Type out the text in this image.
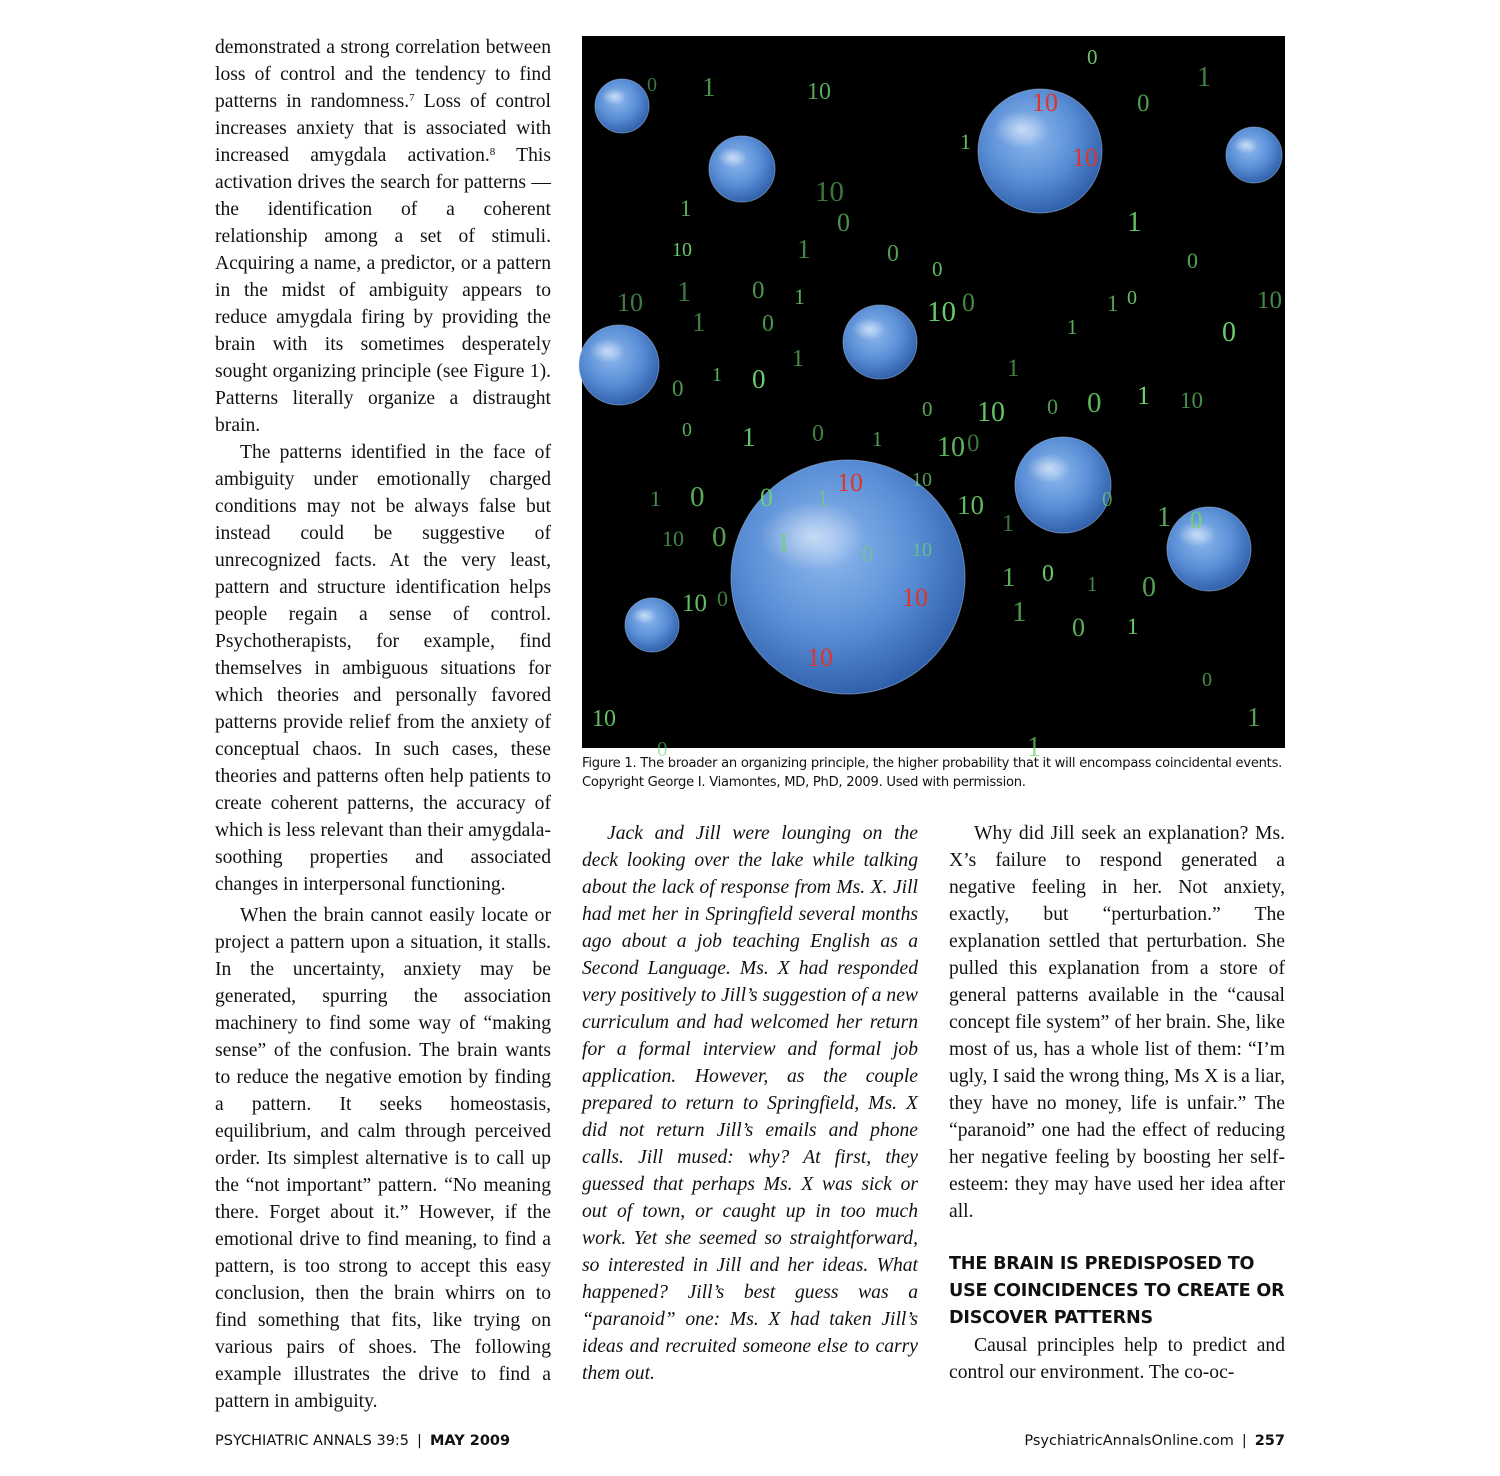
demonstrated a strong correlation between loss of control and the tendency to find patterns in randomness.$^7$ Loss of control increases anxiety that is associated with increased amygdala activation.$^8$ This activation drives the search for patterns — the identification of a coherent relationship among a set of stimuli. Acquiring a name, a predictor, or a pattern in the midst of ambiguity appears to reduce amygdala firing by providing the brain with its sometimes desperately sought organizing principle (see Figure 1). Patterns literally organize a distraught brain.

The patterns identified in the face of ambiguity under emotionally charged conditions may not be always false but instead could be suggestive of unrecognized facts. At the very least, pattern and structure identification helps people regain a sense of control. Psychotherapists, for example, find themselves in ambiguous situations for which theories and personally favored patterns provide relief from the anxiety of conceptual chaos. In such cases, these theories and patterns often help patients to create coherent patterns, the accuracy of which is less relevant than their amygdala-soothing properties and associated changes in interpersonal functioning.

When the brain cannot easily locate or project a pattern upon a situation, it stalls. In the uncertainty, anxiety may be generated, spurring the association machinery to find some way of “making sense” of the confusion. The brain wants to reduce the negative emotion by finding a pattern. It seeks homeostasis, equilibrium, and calm through perceived order. Its simplest alternative is to call up the “not important” pattern. “No meaning there. Forget about it.” However, if the emotional drive to find meaning, to find a pattern, is too strong to accept this easy conclusion, then the brain whirrs on to find something that fits, like trying on various pairs of shoes. The following example illustrates the drive to find a pattern in ambiguity.

0 1	10
0
1
0
1
10
0
1
10	1	0
0
1 0 1	10 0	1 0
1 0	1	0
10
0
1
10
0
1 0
1
0 10
1
0 0 1 10
0 1 0 1 10 0
1 0 0 1
10
10
1
0
1 0
10 0 1	0 10
1 0 1 0
10 0	1 0 1
0
1
10
0	1
10
10
10
10
10
Figure 1. The broader an organizing principle, the higher probability that it will encompass coincidental events. Copyright George I. Viamontes, MD, PhD, 2009. Used with permission.

Jack and Jill were lounging on the deck looking over the lake while talking about the lack of response from Ms. X. Jill had met her in Springfield several months ago about a job teaching English as a Second Language. Ms. X had responded very positively to Jill’s suggestion of a new curriculum and had welcomed her return for a formal interview and formal job application. However, as the couple prepared to return to Springfield, Ms. X did not return Jill’s emails and phone calls. Jill mused: why? At first, they guessed that perhaps Ms. X was sick or out of town, or caught up in too much work. Yet she seemed so straightforward, so interested in Jill and her ideas. What happened? Jill’s best guess was a “paranoid” one: Ms. X had taken Jill’s ideas and recruited someone else to carry them out.

Why did Jill seek an explanation? Ms. X’s failure to respond generated a negative feeling in her. Not anxiety, exactly, but “perturbation.” The explanation settled that perturbation. She pulled this explanation from a store of general patterns available in the “causal concept file system” of her brain. She, like most of us, has a whole list of them: “I’m ugly, I said the wrong thing, Ms X is a liar, they have no money, life is unfair.” The “paranoid” one had the effect of reducing her negative feeling by boosting her self-esteem: they may have used her idea after all.

THE BRAIN IS PREDISPOSED TO USE COINCIDENCES TO CREATE OR DISCOVER PATTERNS

Causal principles help to predict and control our environment. The co-oc-

PSYCHIATRIC ANNALS 39:5 | MAY 2009	PsychiatricAnnalsOnline.com | 257
